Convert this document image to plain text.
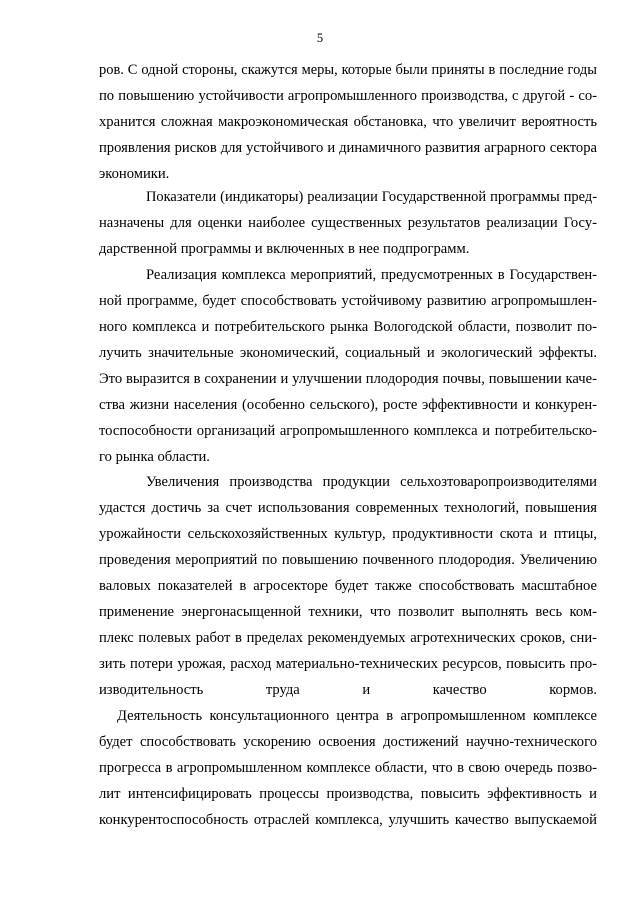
5
ров. С одной стороны, скажутся меры, которые были приняты в последние годы
по повышению устойчивости агропромышленного производства, с другой - со-
хранится сложная макроэкономическая обстановка, что увеличит вероятность
проявления рисков для устойчивого и динамичного развития аграрного сектора
экономики.
Показатели (индикаторы) реализации Государственной программы пред-
назначены для оценки наиболее существенных результатов реализации Госу-
дарственной программы и включенных в нее подпрограмм.
Реализация комплекса мероприятий, предусмотренных в Государствен-
ной программе, будет способствовать устойчивому развитию агропромышлен-
ного комплекса и потребительского рынка Вологодской области, позволит по-
лучить значительные экономический, социальный и экологический эффекты.
Это выразится в сохранении и улучшении плодородия почвы, повышении каче-
ства жизни населения (особенно сельского), росте эффективности и конкурен-
тоспособности организаций агропромышленного комплекса и потребительско-
го рынка области.
Увеличения производства продукции сельхозтоваропроизводителями
удастся достичь за счет использования современных технологий, повышения
урожайности сельскохозяйственных культур, продуктивности скота и птицы,
проведения мероприятий по повышению почвенного плодородия. Увеличению
валовых показателей в агросекторе будет также способствовать масштабное
применение энергонасыщенной техники, что позволит выполнять весь ком-
плекс полевых работ в пределах рекомендуемых агротехнических сроков, сни-
зить потери урожая, расход материально-технических ресурсов, повысить про-
изводительность труда и качество кормов.
Деятельность консультационного центра в агропромышленном комплексе
будет способствовать ускорению освоения достижений научно-технического
прогресса в агропромышленном комплексе области, что в свою очередь позво-
лит интенсифицировать процессы производства, повысить эффективность и
конкурентоспособность отраслей комплекса, улучшить качество выпускаемой
